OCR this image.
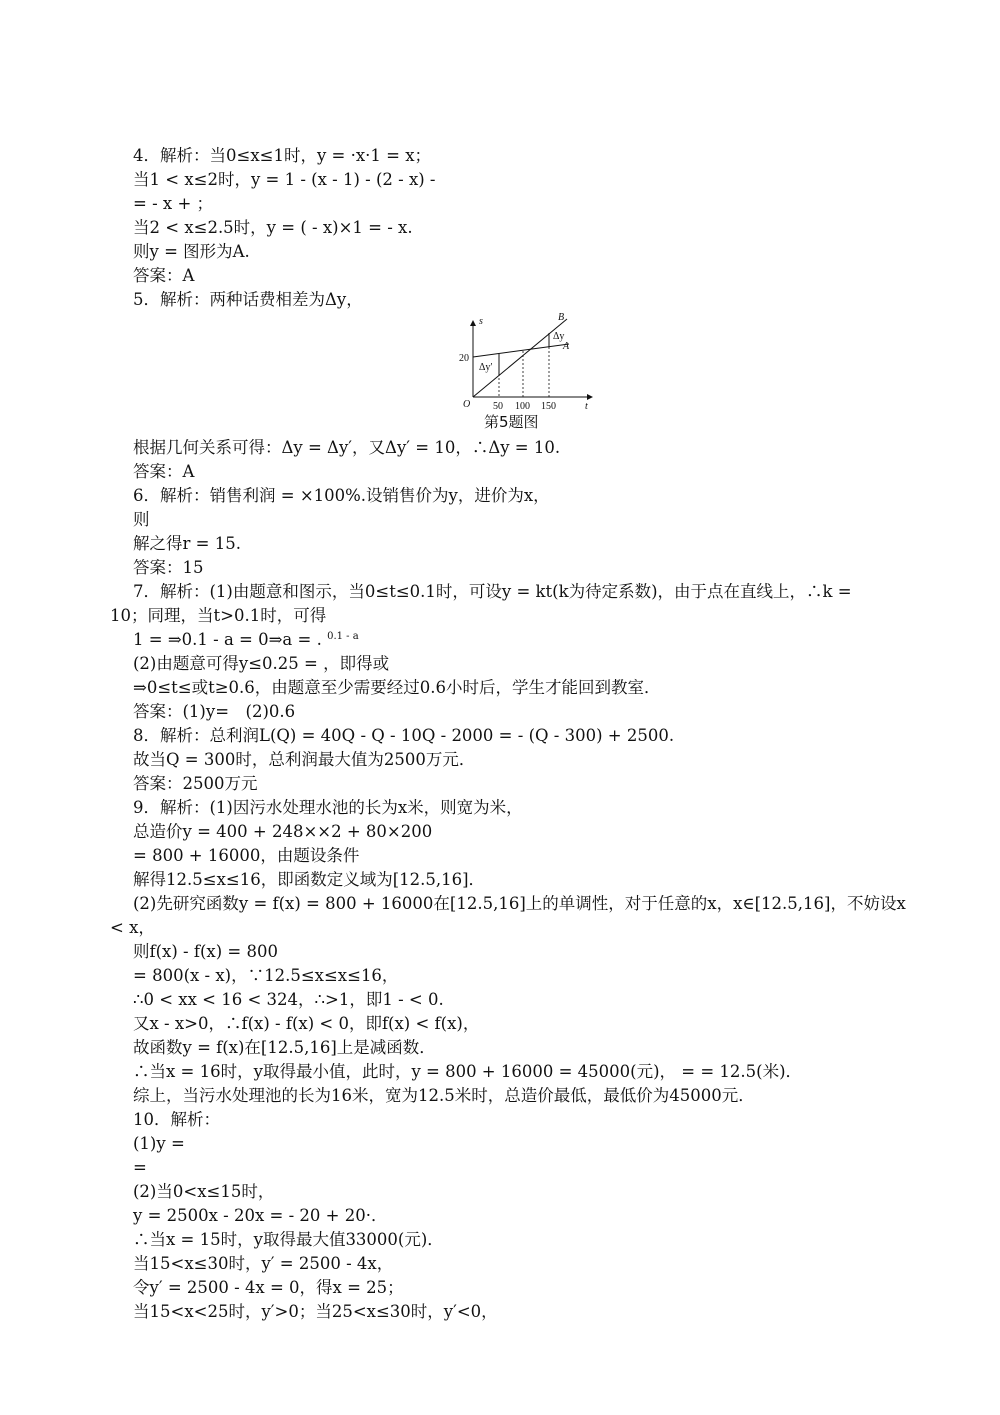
4．解析：当0≤x≤1时，y = ·x·1 = x；

当1 < x≤2时，y = 1 - (x - 1) - (2 - x) -

= - x + ；

当2 < x≤2.5时，y = ( - x)×1 = - x.

则y = 图形为A.

答案：A

5．解析：两种话费相差为Δy，

s
t
O
20
50 100 150
B
A
Δy
Δy′
第5题图

根据几何关系可得：Δy = Δy′，又Δy′ = 10，∴Δy = 10.

答案：A

6．解析：销售利润 = ×100%.设销售价为y，进价为x，

则

解之得r = 15.

答案：15

7．解析：(1)由题意和图示，当0≤t≤0.1时，可设y = kt(k为待定系数)，由于点在直线上，∴k =

10；同理，当t>0.1时，可得

1 = ⇒0.1 - a = 0⇒a = . $^{0.1 - a}$

(2)由题意可得y≤0.25 = ，即得或

⇒0≤t≤或t≥0.6，由题意至少需要经过0.6小时后，学生才能回到教室．

答案：(1)y=　(2)0.6

8．解析：总利润L(Q) = 40Q - Q - 10Q - 2000 = - (Q - 300) + 2500.

故当Q = 300时，总利润最大值为2500万元．

答案：2500万元

9．解析：(1)因污水处理水池的长为x米，则宽为米，

总造价y = 400 + 248××2 + 80×200

= 800 + 16000，由题设条件

解得12.5≤x≤16，即函数定义域为[12.5,16]．

(2)先研究函数y = f(x) = 800 + 16000在[12.5,16]上的单调性，对于任意的x，x∈[12.5,16]，不妨设x

< x，

则f(x) - f(x) = 800

= 800(x - x)，∵12.5≤x≤x≤16，

∴0 < xx < 16 < 324，∴>1，即1 - < 0.

又x - x>0，∴f(x) - f(x) < 0，即f(x) < f(x)，

故函数y = f(x)在[12.5,16]上是减函数．

∴当x = 16时，y取得最小值，此时，y = 800 + 16000 = 45000(元)， = = 12.5(米)．

综上，当污水处理池的长为16米，宽为12.5米时，总造价最低，最低价为45000元．

10．解析：

(1)y =

=

(2)当0<x≤15时，

y = 2500x - 20x = - 20 + 20·．

∴当x = 15时，y取得最大值33000(元)．

当15<x≤30时，y′ = 2500 - 4x，

令y′ = 2500 - 4x = 0，得x = 25；

当15<x<25时，y′>0；当25<x≤30时，y′<0，
